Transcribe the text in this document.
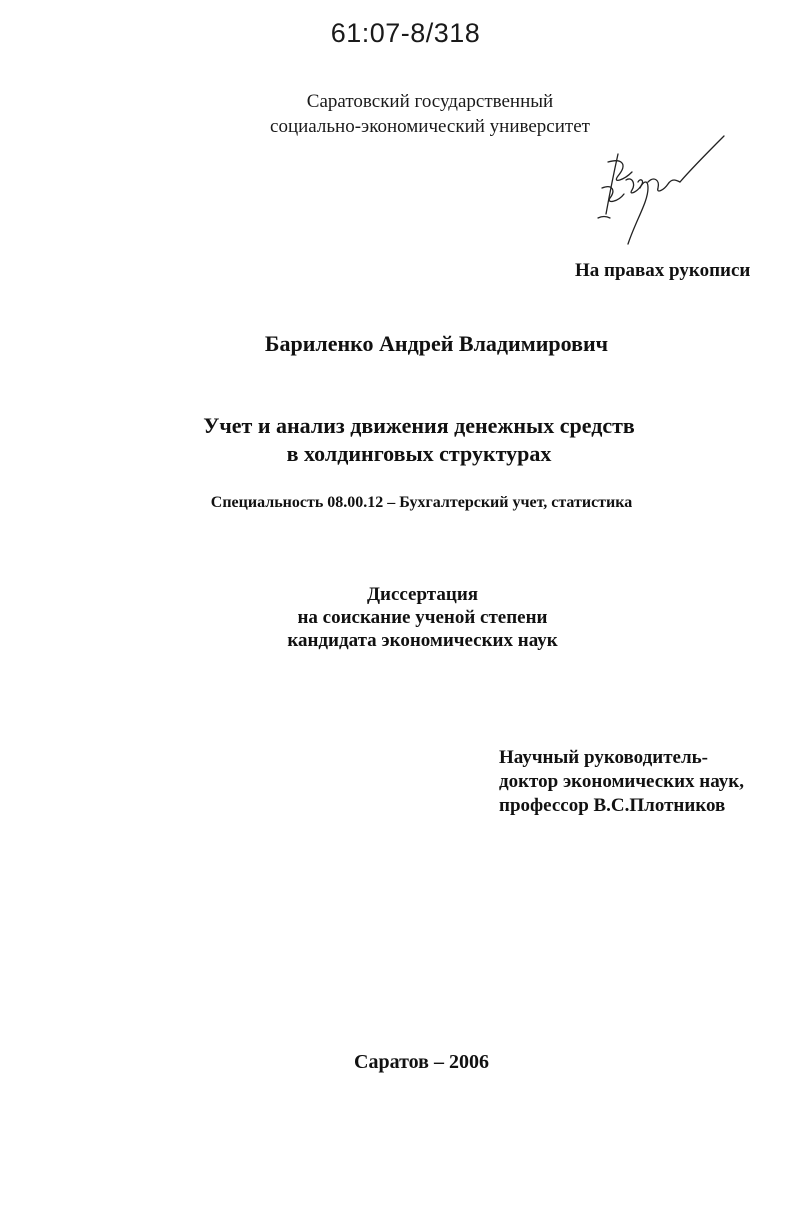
61:07-8/318
Саратовский государственный
социально-экономический университет
На правах рукописи
Бариленко Андрей Владимирович
Учет и анализ движения денежных средств
в холдинговых структурах
Специальность 08.00.12 – Бухгалтерский учет, статистика
Диссертация
на соискание ученой степени
кандидата экономических наук
Научный руководитель-
доктор экономических наук,
профессор В.С.Плотников
Саратов – 2006
